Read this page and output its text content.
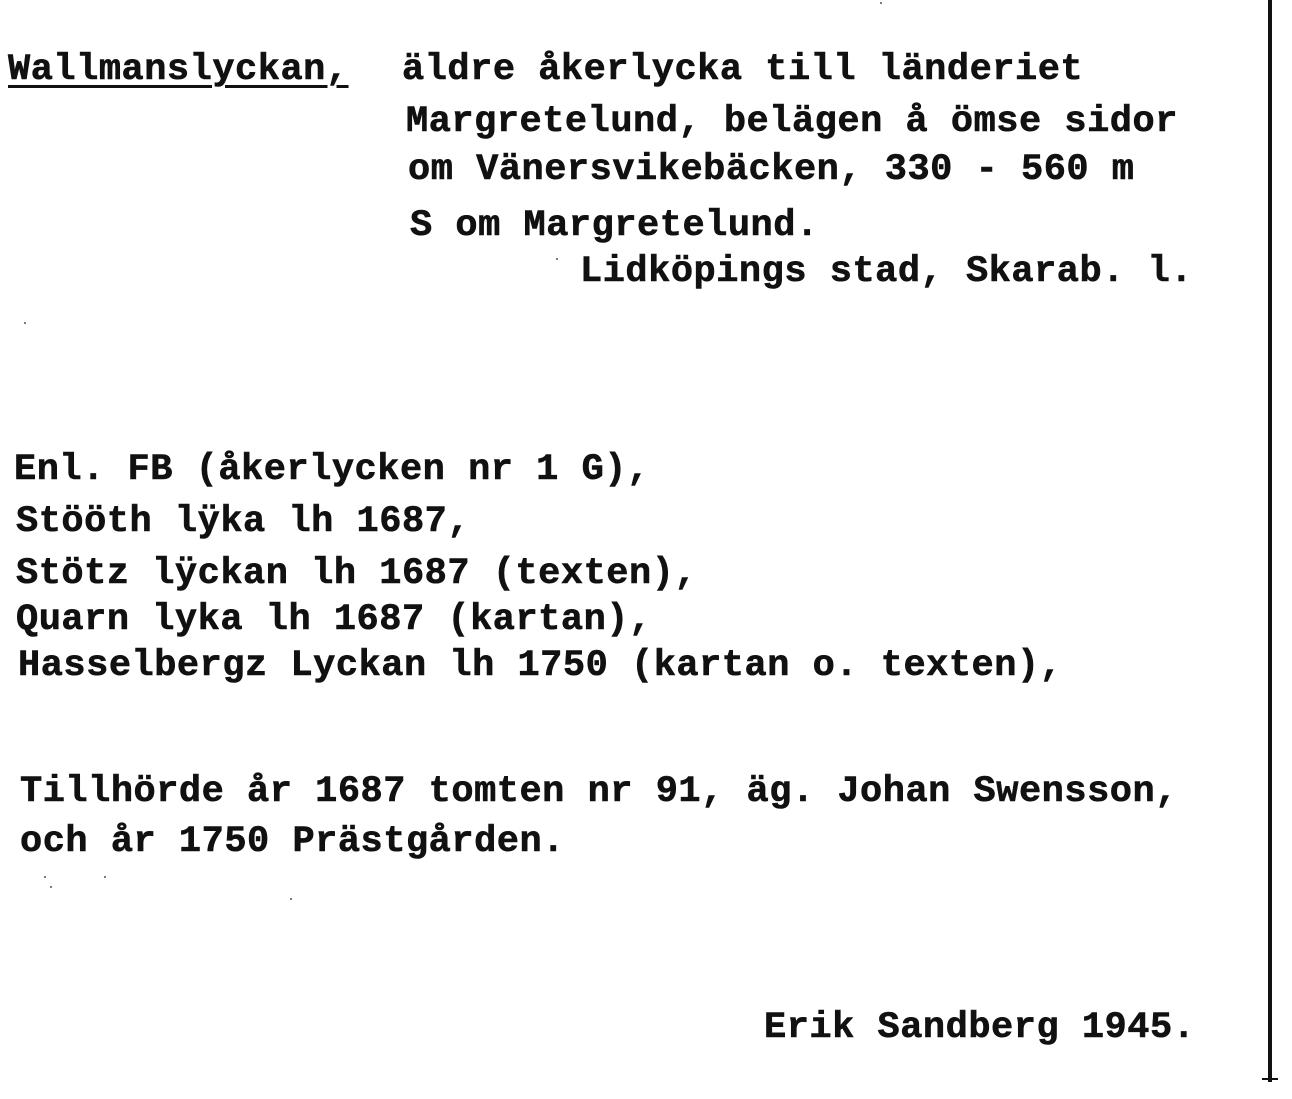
Wallmanslyckan, äldre åkerlycka till länderiet
Margretelund, belägen å ömse sidor
om Vänersvikebäcken, 330 - 560 m
S om Margretelund.
Lidköpings stad, Skarab. l.
Enl. FB (åkerlycken nr 1 G),
Stööth lÿka lh 1687,
Stötz lÿckan lh 1687 (texten),
Quarn lyka lh 1687 (kartan),
Hasselbergz Lyckan lh 1750 (kartan o. texten),
Tillhörde år 1687 tomten nr 91, äg. Johan Swensson,
och år 1750 Prästgården.
Erik Sandberg 1945.
